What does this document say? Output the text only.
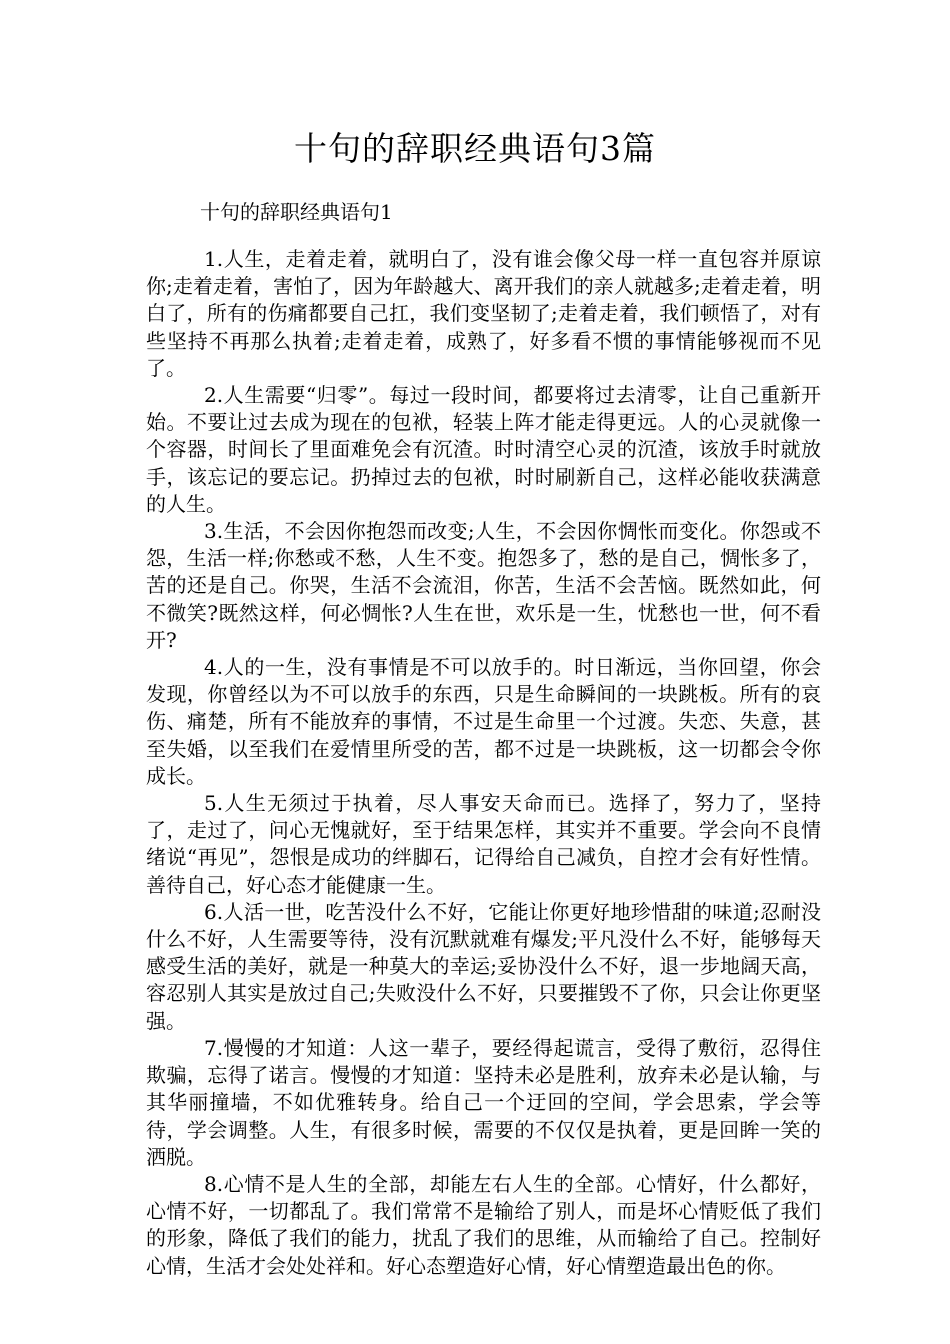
十句的辞职经典语句3篇
十句的辞职经典语句1

1.人生，走着走着，就明白了，没有谁会像父母一样一直包容并原谅你;走着走着，害怕了，因为年龄越大、离开我们的亲人就越多;走着走着，明白了，所有的伤痛都要自己扛，我们变坚韧了;走着走着，我们顿悟了，对有些坚持不再那么执着;走着走着，成熟了，好多看不惯的事情能够视而不见了。

2.人生需要“归零”。每过一段时间，都要将过去清零，让自己重新开始。不要让过去成为现在的包袱，轻装上阵才能走得更远。人的心灵就像一个容器，时间长了里面难免会有沉渣。时时清空心灵的沉渣，该放手时就放手，该忘记的要忘记。扔掉过去的包袱，时时刷新自己，这样必能收获满意的人生。

3.生活，不会因你抱怨而改变;人生，不会因你惆怅而变化。你怨或不怨，生活一样;你愁或不愁，人生不变。抱怨多了，愁的是自己，惆怅多了，苦的还是自己。你哭，生活不会流泪，你苦，生活不会苦恼。既然如此，何不微笑?既然这样，何必惆怅?人生在世，欢乐是一生，忧愁也一世，何不看开?

4.人的一生，没有事情是不可以放手的。时日渐远，当你回望，你会发现，你曾经以为不可以放手的东西，只是生命瞬间的一块跳板。所有的哀伤、痛楚，所有不能放弃的事情，不过是生命里一个过渡。失恋、失意，甚至失婚，以至我们在爱情里所受的苦，都不过是一块跳板，这一切都会令你成长。

5.人生无须过于执着，尽人事安天命而已。选择了，努力了，坚持了，走过了，问心无愧就好，至于结果怎样，其实并不重要。学会向不良情绪说“再见”，怨恨是成功的绊脚石，记得给自己减负，自控才会有好性情。善待自己，好心态才能健康一生。

6.人活一世，吃苦没什么不好，它能让你更好地珍惜甜的味道;忍耐没什么不好，人生需要等待，没有沉默就难有爆发;平凡没什么不好，能够每天感受生活的美好，就是一种莫大的幸运;妥协没什么不好，退一步地阔天高，容忍别人其实是放过自己;失败没什么不好，只要摧毁不了你，只会让你更坚强。

7.慢慢的才知道：人这一辈子，要经得起谎言，受得了敷衍，忍得住欺骗，忘得了诺言。慢慢的才知道：坚持未必是胜利，放弃未必是认输，与其华丽撞墙，不如优雅转身。给自己一个迂回的空间，学会思索，学会等待，学会调整。人生，有很多时候，需要的不仅仅是执着，更是回眸一笑的洒脱。

8.心情不是人生的全部，却能左右人生的全部。心情好，什么都好，心情不好，一切都乱了。我们常常不是输给了别人，而是坏心情贬低了我们的形象，降低了我们的能力，扰乱了我们的思维，从而输给了自己。控制好心情，生活才会处处祥和。好心态塑造好心情，好心情塑造最出色的你。
